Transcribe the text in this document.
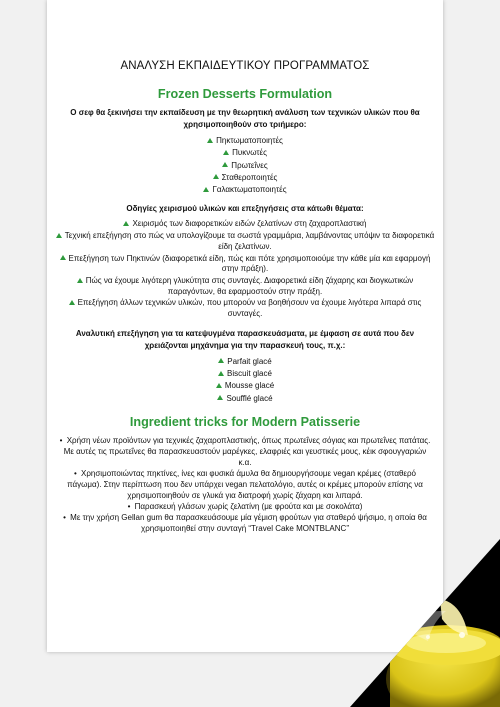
ΑΝΑΛΥΣΗ ΕΚΠΑΙΔΕΥΤΙΚΟΥ ΠΡΟΓΡΑΜΜΑΤΟΣ
Frozen Desserts Formulation

Ο σεφ θα ξεκινήσει την εκπαίδευση με την θεωρητική ανάλυση των τεχνικών υλικών που θα χρησιμοποιηθούν στο τριήμερο:

Πηκτωματοποιητές
Πυκνωτές
Πρωτεΐνες
Σταθεροποιητές
Γαλακτωματοποιητές

Οδηγίες χειρισμού υλικών και επεξηγήσεις στα κάτωθι θέματα:

Χειρισμός των διαφορετικών ειδών ζελατίνων στη ζαχαροπλαστική
Τεχνική επεξήγηση στο πώς να υπολογίζουμε τα σωστά γραμμάρια, λαμβάνοντας υπόψιν τα διαφορετικά είδη ζελατίνων.
Επεξήγηση των Πηκτινών (διαφορετικά είδη, πώς και πότε χρησιμοποιούμε την κάθε μία και εφαρμογή στην πράξη).
Πώς να έχουμε λιγότερη γλυκύτητα στις συνταγές. Διαφορετικά είδη ζάχαρης και διογκωτικών παραγόντων, θα εφαρμοστούν στην πράξη.
Επεξήγηση άλλων τεχνικών υλικών, που μπορούν να βοηθήσουν να έχουμε λιγότερα λιπαρά στις συνταγές.

Αναλυτική επεξήγηση για τα κατεψυγμένα παρασκευάσματα, με έμφαση σε αυτά που δεν χρειάζονται μηχάνημα για την παρασκευή τους, π.χ.:

Parfait glacé
Biscuit glacé
Mousse glacé
Soufflé glacé
Ingredient tricks for Modern Patisserie

• Χρήση νέων προϊόντων για τεχνικές ζαχαροπλαστικής, όπως πρωτεΐνες σόγιας και πρωτεΐνες πατάτας. Με αυτές τις πρωτεΐνες θα παρασκευαστούν μαρέγκες, ελαφριές και γευστικές μους, κέικ σφουγγαριών κ.α.

• Χρησιμοποιώντας πηκτίνες, ίνες και φυσικά άμυλα θα δημιουργήσουμε vegan κρέμες (σταθερό πάγωμα). Στην περίπτωση που δεν υπάρχει vegan πελατολόγιο, αυτές οι κρέμες μπορούν επίσης να χρησιμοποιηθούν σε γλυκά για διατροφή χωρίς ζάχαρη και λιπαρά.

• Παρασκευή γλάσων χωρίς ζελατίνη (με φρούτα και με σοκολάτα)

• Με την χρήση Gellan gum θα παρασκευάσουμε μία γέμιση φρούτων για σταθερό ψήσιμο, η οποία θα χρησιμοποιηθεί στην συνταγή “Travel Cake MONTBLANC”
